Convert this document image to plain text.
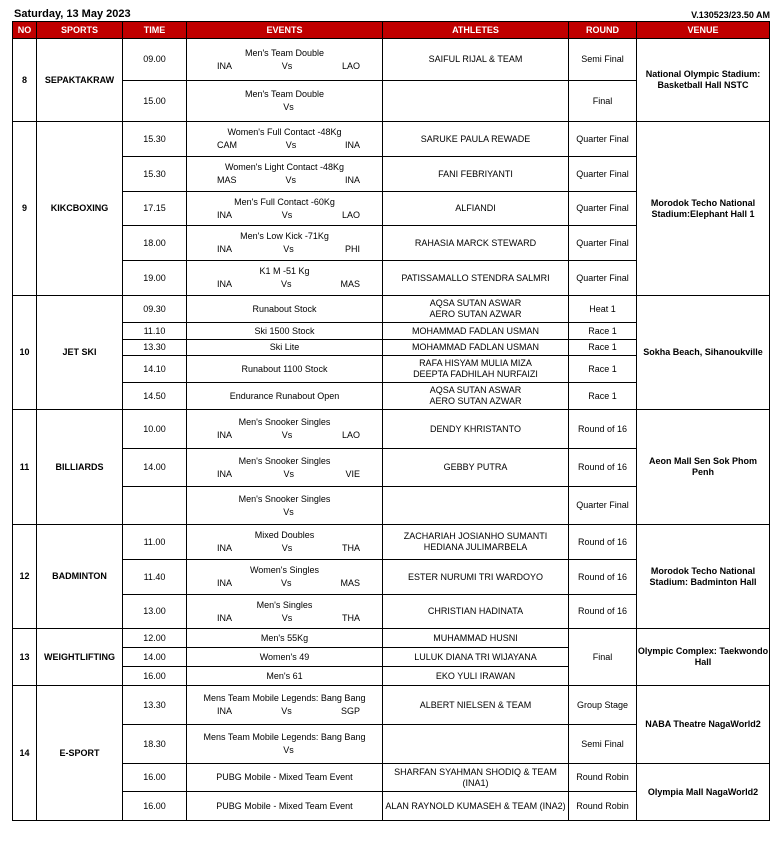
Saturday, 13 May 2023	V.130523/23.50 AM
NO	SPORTS	TIME	EVENTS	ATHLETES	ROUND	VENUE
8	SEPAKTAKRAW	09.00	Men's Team Double
INA Vs LAO	SAIFUL RIJAL & TEAM	Semi Final	National Olympic Stadium: Basketball Hall NSTC
		15.00	Men's Team Double
Vs		Final	
9	KIKCBOXING	15.30	Women's Full Contact -48Kg
CAM Vs INA	SARUKE PAULA REWADE	Quarter Final	Morodok Techo National Stadium:Elephant Hall 1
		15.30	Women's Light Contact -48Kg
MAS Vs INA	FANI FEBRIYANTI	Quarter Final	
		17.15	Men's Full Contact -60Kg
INA Vs LAO	ALFIANDI	Quarter Final	
		18.00	Men's Low Kick -71Kg
INA Vs PHI	RAHASIA MARCK STEWARD	Quarter Final	
		19.00	K1 M -51 Kg
INA Vs MAS	PATISSAMALLO STENDRA SALMRI	Quarter Final	
10	JET SKI	09.30	Runabout Stock	AQSA SUTAN ASWAR
AERO SUTAN AZWAR	Heat 1	Sokha Beach, Sihanoukville
		11.10	Ski 1500 Stock	MOHAMMAD FADLAN USMAN	Race 1	
		13.30	Ski Lite	MOHAMMAD FADLAN USMAN	Race 1	
		14.10	Runabout 1100 Stock	RAFA HISYAM MULIA MIZA
DEEPTA FADHILAH NURFAIZI	Race 1	
		14.50	Endurance Runabout Open	AQSA SUTAN ASWAR
AERO SUTAN AZWAR	Race 1	
11	BILLIARDS	10.00	Men's Snooker Singles
INA Vs LAO	DENDY KHRISTANTO	Round of 16	Aeon Mall Sen Sok Phom Penh
		14.00	Men's Snooker Singles
INA Vs VIE	GEBBY PUTRA	Round of 16	

			Men's Snooker Singles
Vs		Quarter Final	
12	BADMINTON	11.00	Mixed Doubles
INA Vs THA	ZACHARIAH JOSIANHO SUMANTI
HEDIANA JULIMARBELA	Round of 16	Morodok Techo National Stadium: Badminton Hall
		11.40	Women's Singles
INA Vs MAS	ESTER NURUMI TRI WARDOYO	Round of 16	
		13.00	Men's Singles
INA Vs THA	CHRISTIAN HADINATA	Round of 16	
13	WEIGHTLIFTING	12.00	Men's 55Kg	MUHAMMAD HUSNI	Final	Olympic Complex: Taekwondo Hall
		14.00	Women's 49	LULUK DIANA TRI WIJAYANA		
		16.00	Men's 61	EKO YULI IRAWAN		
14	E-SPORT	13.30	Mens Team Mobile Legends: Bang Bang
INA Vs SGP	ALBERT NIELSEN & TEAM	Group Stage	NABA Theatre NagaWorld2
		18.30	Mens Team Mobile Legends: Bang Bang
Vs		Semi Final	
		16.00	PUBG Mobile - Mixed Team Event	SHARFAN SYAHMAN SHODIQ & TEAM
(INA1)	Round Robin	Olympia Mall NagaWorld2
		16.00	PUBG Mobile - Mixed Team Event	ALAN RAYNOLD KUMASEH & TEAM (INA2)	Round Robin	
